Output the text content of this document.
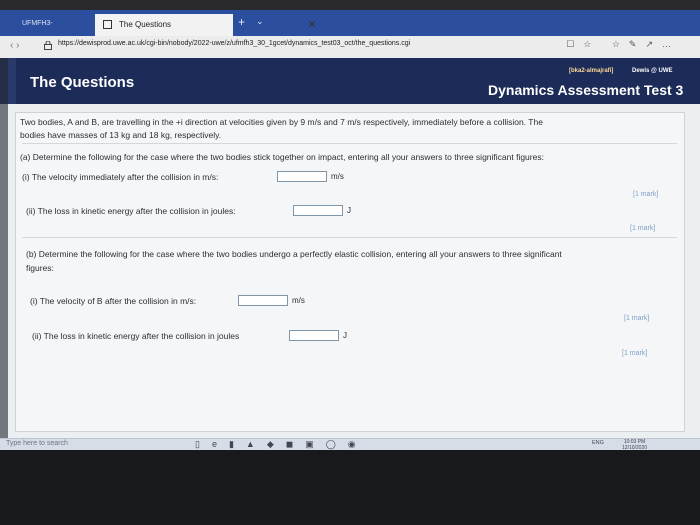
UFMFH3-	The Questions	✕
+ ⌄
‹ ›	https://dewisprod.uwe.ac.uk/cgi-bin/nobody/2022-uwe/z/ufmfh3_30_1gcet/dynamics_test03_oct/the_questions.cgi	☐☆ ☆✎↗…
The Questions
[bka2-almajrafi]	Dewis @ UWE
Dynamics Assessment Test 3
Two bodies, A and B, are travelling in the +i direction at velocities given by 9 m/s and 7 m/s respectively, immediately before a collision. The
bodies have masses of 13 kg and 18 kg, respectively.
(a) Determine the following for the case where the two bodies stick together on impact, entering all your answers to three significant figures:
(i) The velocity immediately after the collision in m/s:	m/s
[1 mark]
(ii) The loss in kinetic energy after the collision in joules:	J
[1 mark]
(b) Determine the following for the case where the two bodies undergo a perfectly elastic collision, entering all your answers to three significant
figures:
(i) The velocity of B after the collision in m/s:	m/s
[1 mark]
(ii) The loss in kinetic energy after the collision in joules	J
[1 mark]
Type here to search	▯e▮▲◆◼▣◯◉	ENG	10:03 PM
12/10/2020
